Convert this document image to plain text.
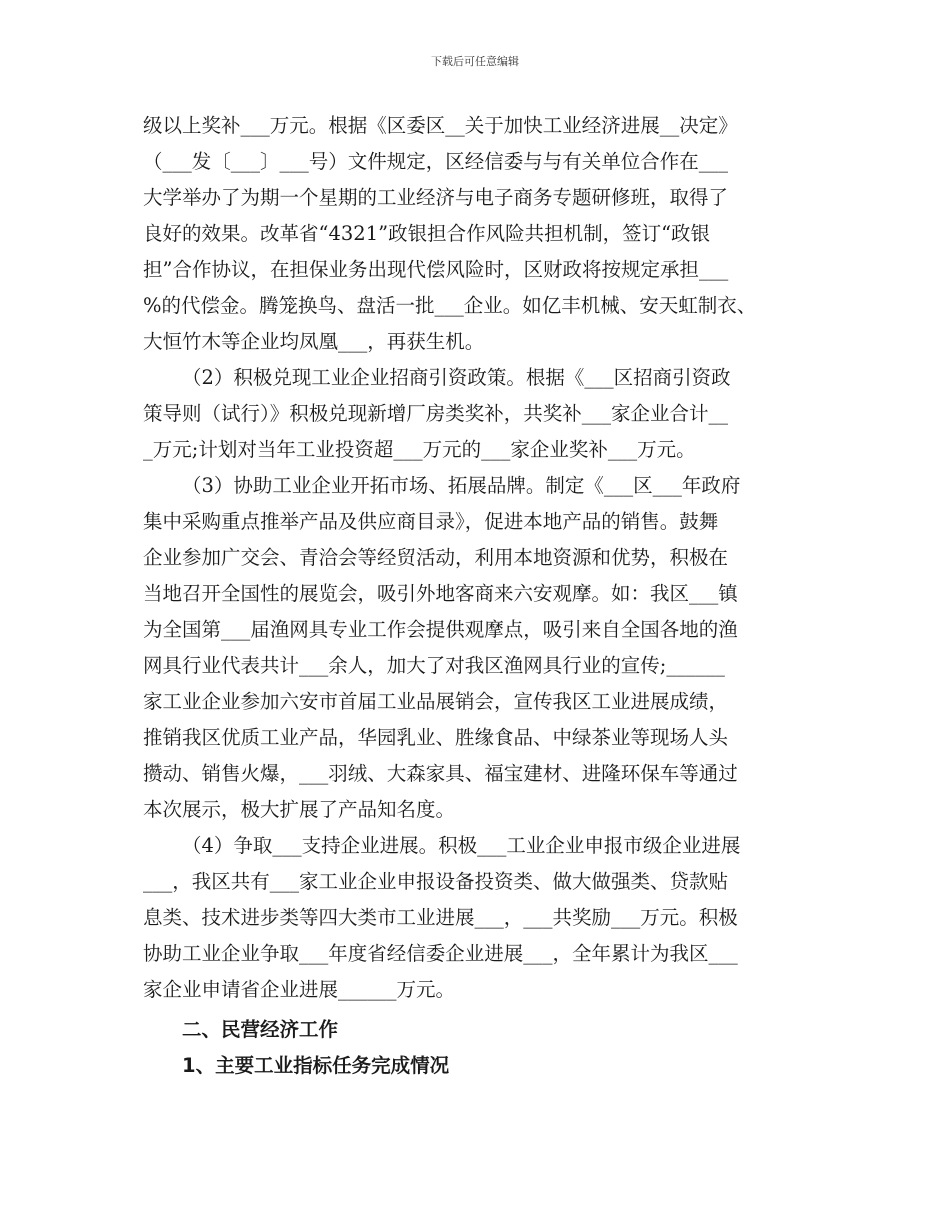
下载后可任意编辑
级以上奖补___万元。根据《区委区__关于加快工业经济进展__决定》
（___发〔___〕___号）文件规定，区经信委与与有关单位合作在___
大学举办了为期一个星期的工业经济与电子商务专题研修班，取得了
良好的效果。改革省“4321”政银担合作风险共担机制，签订“政银
担”合作协议，在担保业务出现代偿风险时，区财政将按规定承担___
%的代偿金。腾笼换鸟、盘活一批___企业。如亿丰机械、安天虹制衣、
大恒竹木等企业均凤凰___，再获生机。
（2）积极兑现工业企业招商引资政策。根据《___区招商引资政
策导则（试行）》积极兑现新增厂房类奖补，共奖补___家企业合计__
_万元;计划对当年工业投资超___万元的___家企业奖补___万元。
（3）协助工业企业开拓市场、拓展品牌。制定《___区___年政府
集中采购重点推举产品及供应商目录》，促进本地产品的销售。鼓舞
企业参加广交会、青洽会等经贸活动，利用本地资源和优势，积极在
当地召开全国性的展览会，吸引外地客商来六安观摩。如：我区___镇
为全国第___届渔网具专业工作会提供观摩点，吸引来自全国各地的渔
网具行业代表共计___余人，加大了对我区渔网具行业的宣传;______
家工业企业参加六安市首届工业品展销会，宣传我区工业进展成绩，
推销我区优质工业产品，华园乳业、胜缘食品、中绿茶业等现场人头
攒动、销售火爆，___羽绒、大森家具、福宝建材、进隆环保车等通过
本次展示，极大扩展了产品知名度。
（4）争取___支持企业进展。积极___工业企业申报市级企业进展
___，我区共有___家工业企业申报设备投资类、做大做强类、贷款贴
息类、技术进步类等四大类市工业进展___，___共奖励___万元。积极
协助工业企业争取___年度省经信委企业进展___，全年累计为我区___
家企业申请省企业进展______万元。
二、民营经济工作
1、主要工业指标任务完成情况
